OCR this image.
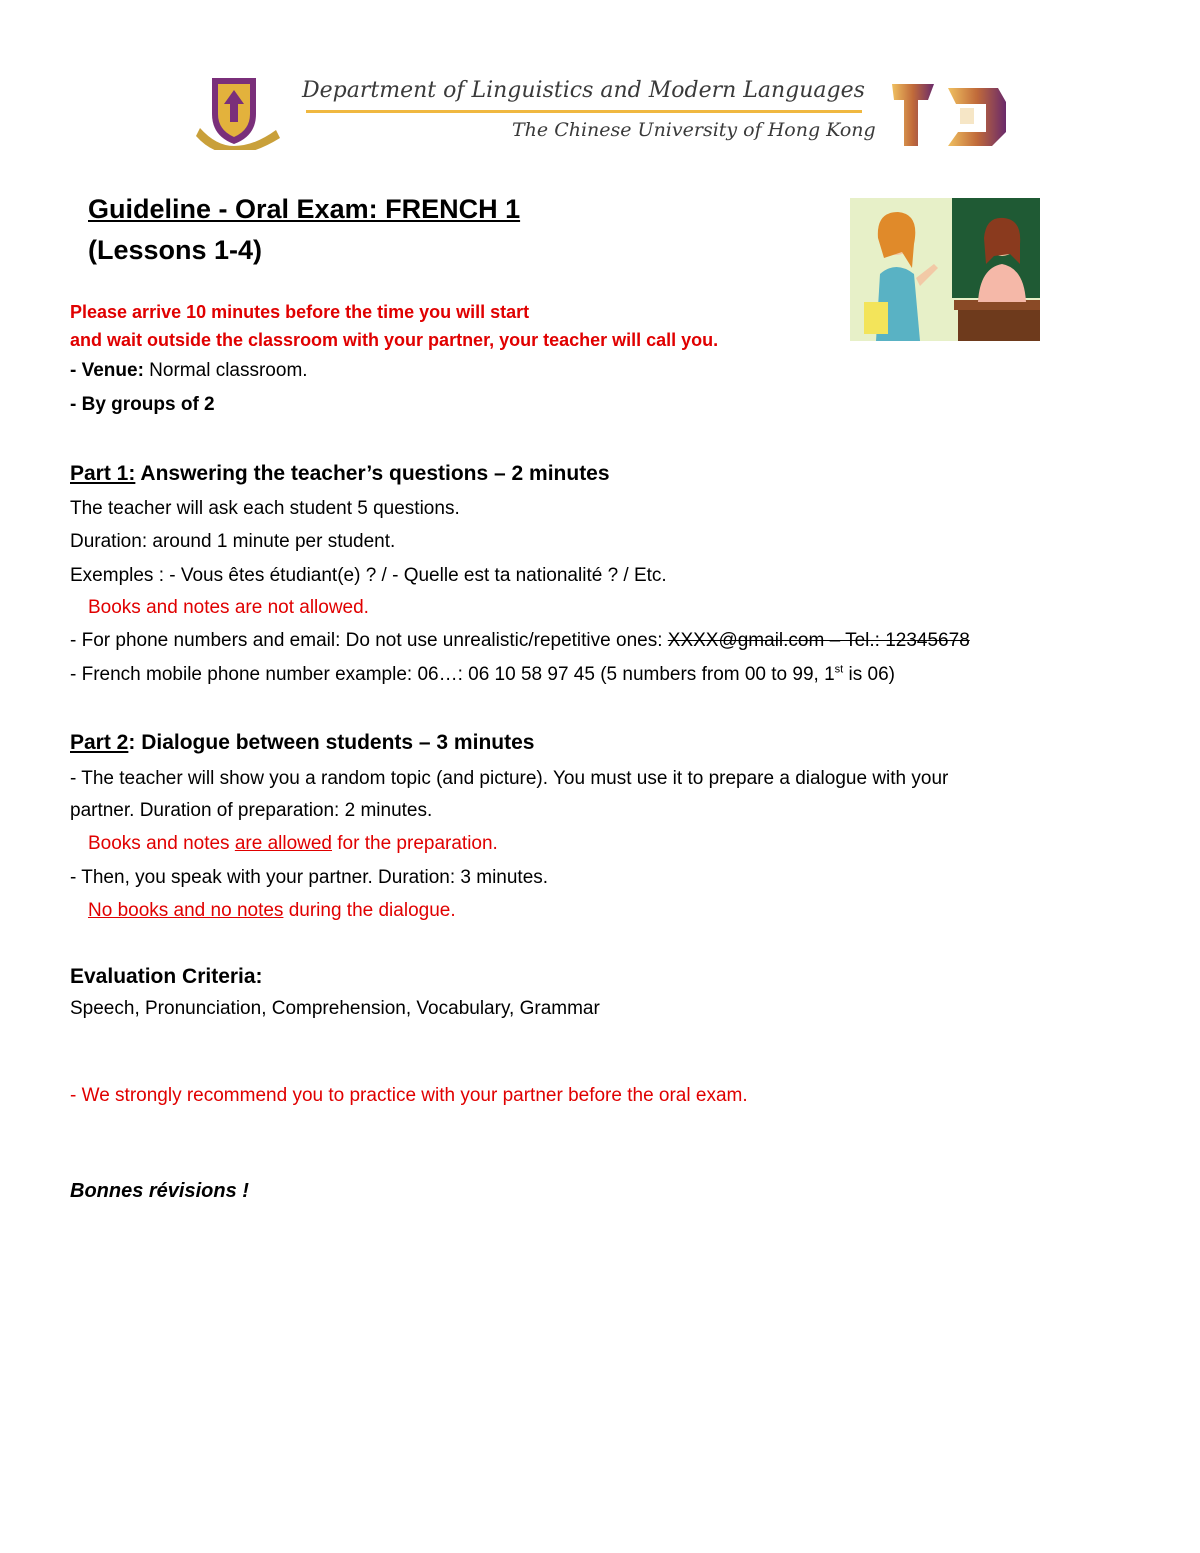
Department of Linguistics and Modern Languages
The Chinese University of Hong Kong
Guideline - Oral Exam: FRENCH 1
(Lessons 1-4)
Please arrive 10 minutes before the time you will start
and wait outside the classroom with your partner, your teacher will call you.
- Venue: Normal classroom.
- By groups of 2
Part 1: Answering the teacher’s questions – 2 minutes
The teacher will ask each student 5 questions.
Duration: around 1 minute per student.
Exemples : - Vous êtes étudiant(e) ? / - Quelle est ta nationalité ? / Etc.
Books and notes are not allowed.
- For phone numbers and email: Do not use unrealistic/repetitive ones: XXXX@gmail.com – Tel.: 12345678
- French mobile phone number example: 06…: 06 10 58 97 45 (5 numbers from 00 to 99, 1st is 06)
Part 2: Dialogue between students – 3 minutes
- The teacher will show you a random topic (and picture). You must use it to prepare a dialogue with your
partner. Duration of preparation: 2 minutes.
Books and notes are allowed for the preparation.
- Then, you speak with your partner. Duration: 3 minutes.
No books and no notes during the dialogue.
Evaluation Criteria:
Speech, Pronunciation, Comprehension, Vocabulary, Grammar
- We strongly recommend you to practice with your partner before the oral exam.
Bonnes révisions !
